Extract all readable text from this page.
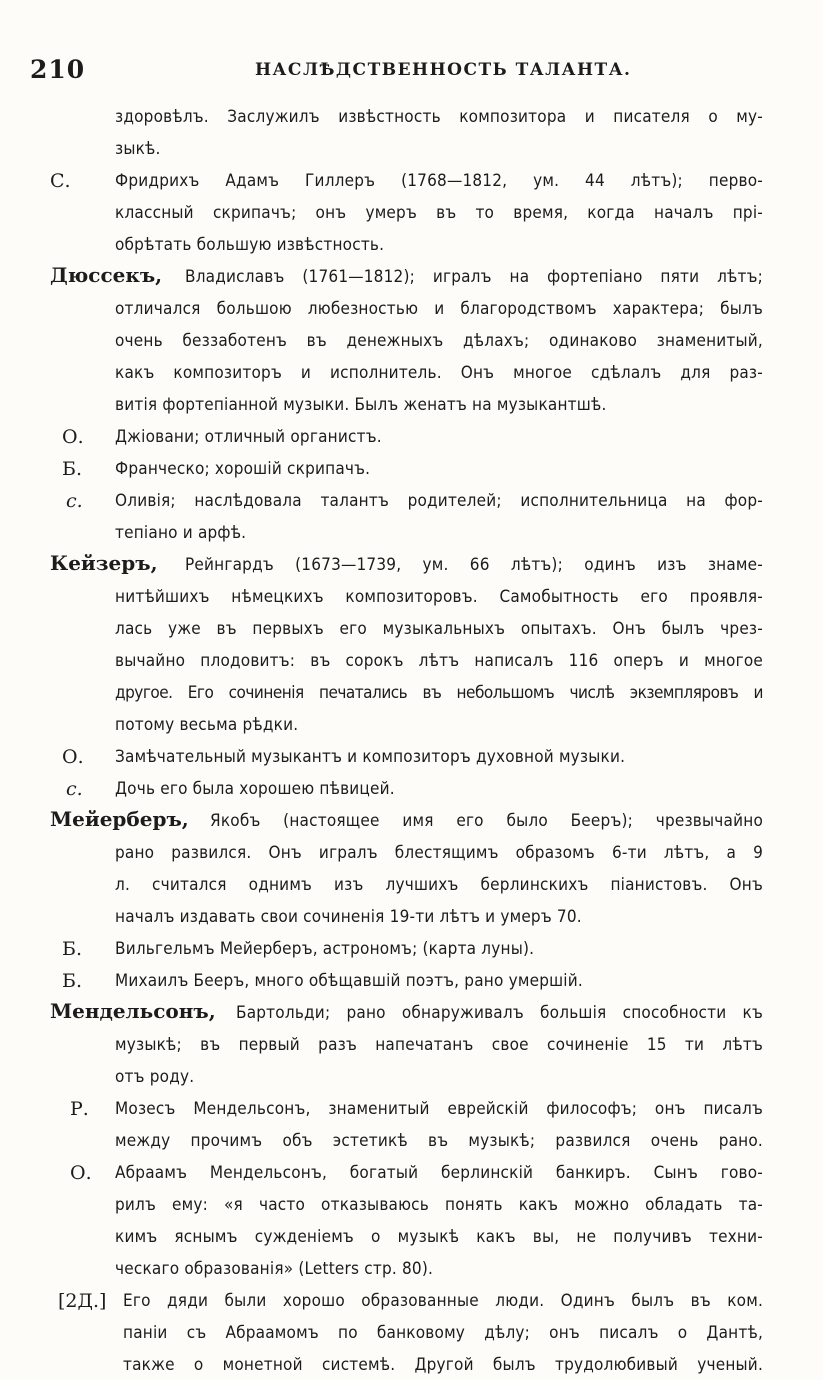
210	НАСЛѢДСТВЕННОСТЬ ТАЛАНТА.
здоровѣлъ. Заслужилъ извѣстность композитора и писателя о му-
зыкѣ.
С.	Фридрихъ Адамъ Гиллеръ (1768—1812, ум. 44 лѣтъ); перво-
классный скрипачъ; онъ умеръ въ то время, когда началъ прі-
обрѣтать большую извѣстность.
Дюссекъ, Владиславъ (1761—1812); игралъ на фортепіано пяти лѣтъ;
отличался большою любезностью и благородствомъ характера; былъ
очень беззаботенъ въ денежныхъ дѣлахъ; одинаково знаменитый,
какъ композиторъ и исполнитель. Онъ многое сдѣлалъ для раз-
витія фортепіанной музыки. Былъ женатъ на музыкантшѣ.
О. Джіовани; отличный органистъ.
Б. Франческо; хорошій скрипачъ.
с. Оливія; наслѣдовала талантъ родителей; исполнительница на фор-
тепіано и арфѣ.
Кейзеръ, Рейнгардъ (1673—1739, ум. 66 лѣтъ); одинъ изъ знаме-
нитѣйшихъ нѣмецкихъ композиторовъ. Самобытность его проявля-
лась уже въ первыхъ его музыкальныхъ опытахъ. Онъ былъ чрез-
вычайно плодовитъ: въ сорокъ лѣтъ написалъ 116 оперъ и многое
другое. Его сочиненія печатались въ небольшомъ числѣ экземпляровъ и
потому весьма рѣдки.
О. Замѣчательный музыкантъ и композиторъ духовной музыки.
с. Дочь его была хорошею пѣвицей.
Мейерберъ, Якобъ (настоящее имя его было Бееръ); чрезвычайно
рано развился. Онъ игралъ блестящимъ образомъ 6-ти лѣтъ, а 9
л. считался однимъ изъ лучшихъ берлинскихъ піанистовъ. Онъ
началъ издавать свои сочиненія 19-ти лѣтъ и умеръ 70.
Б. Вильгельмъ Мейерберъ, астрономъ; (карта луны).
Б. Михаилъ Бееръ, много обѣщавшій поэтъ, рано умершій.
Мендельсонъ, Бартольди; рано обнаруживалъ большія способности къ
музыкѣ; въ первый разъ напечатанъ свое сочиненіе 15 ти лѣтъ
отъ роду.
Р. Мозесъ Мендельсонъ, знаменитый еврейскій философъ; онъ писалъ
между прочимъ объ эстетикѣ въ музыкѣ; развился очень рано.
О. Абраамъ Мендельсонъ, богатый берлинскій банкиръ. Сынъ гово-
рилъ ему: «я часто отказываюсь понять какъ можно обладать та-
кимъ яснымъ сужденіемъ о музыкѣ какъ вы, не получивъ техни-
ческаго образованія» (Letters стр. 80).
[2Д.] Его дяди были хорошо образованные люди. Одинъ былъ въ ком.
паніи съ Абраамомъ по банковому дѣлу; онъ писалъ о Дантѣ,
также о монетной системѣ. Другой былъ трудолюбивый ученый.
